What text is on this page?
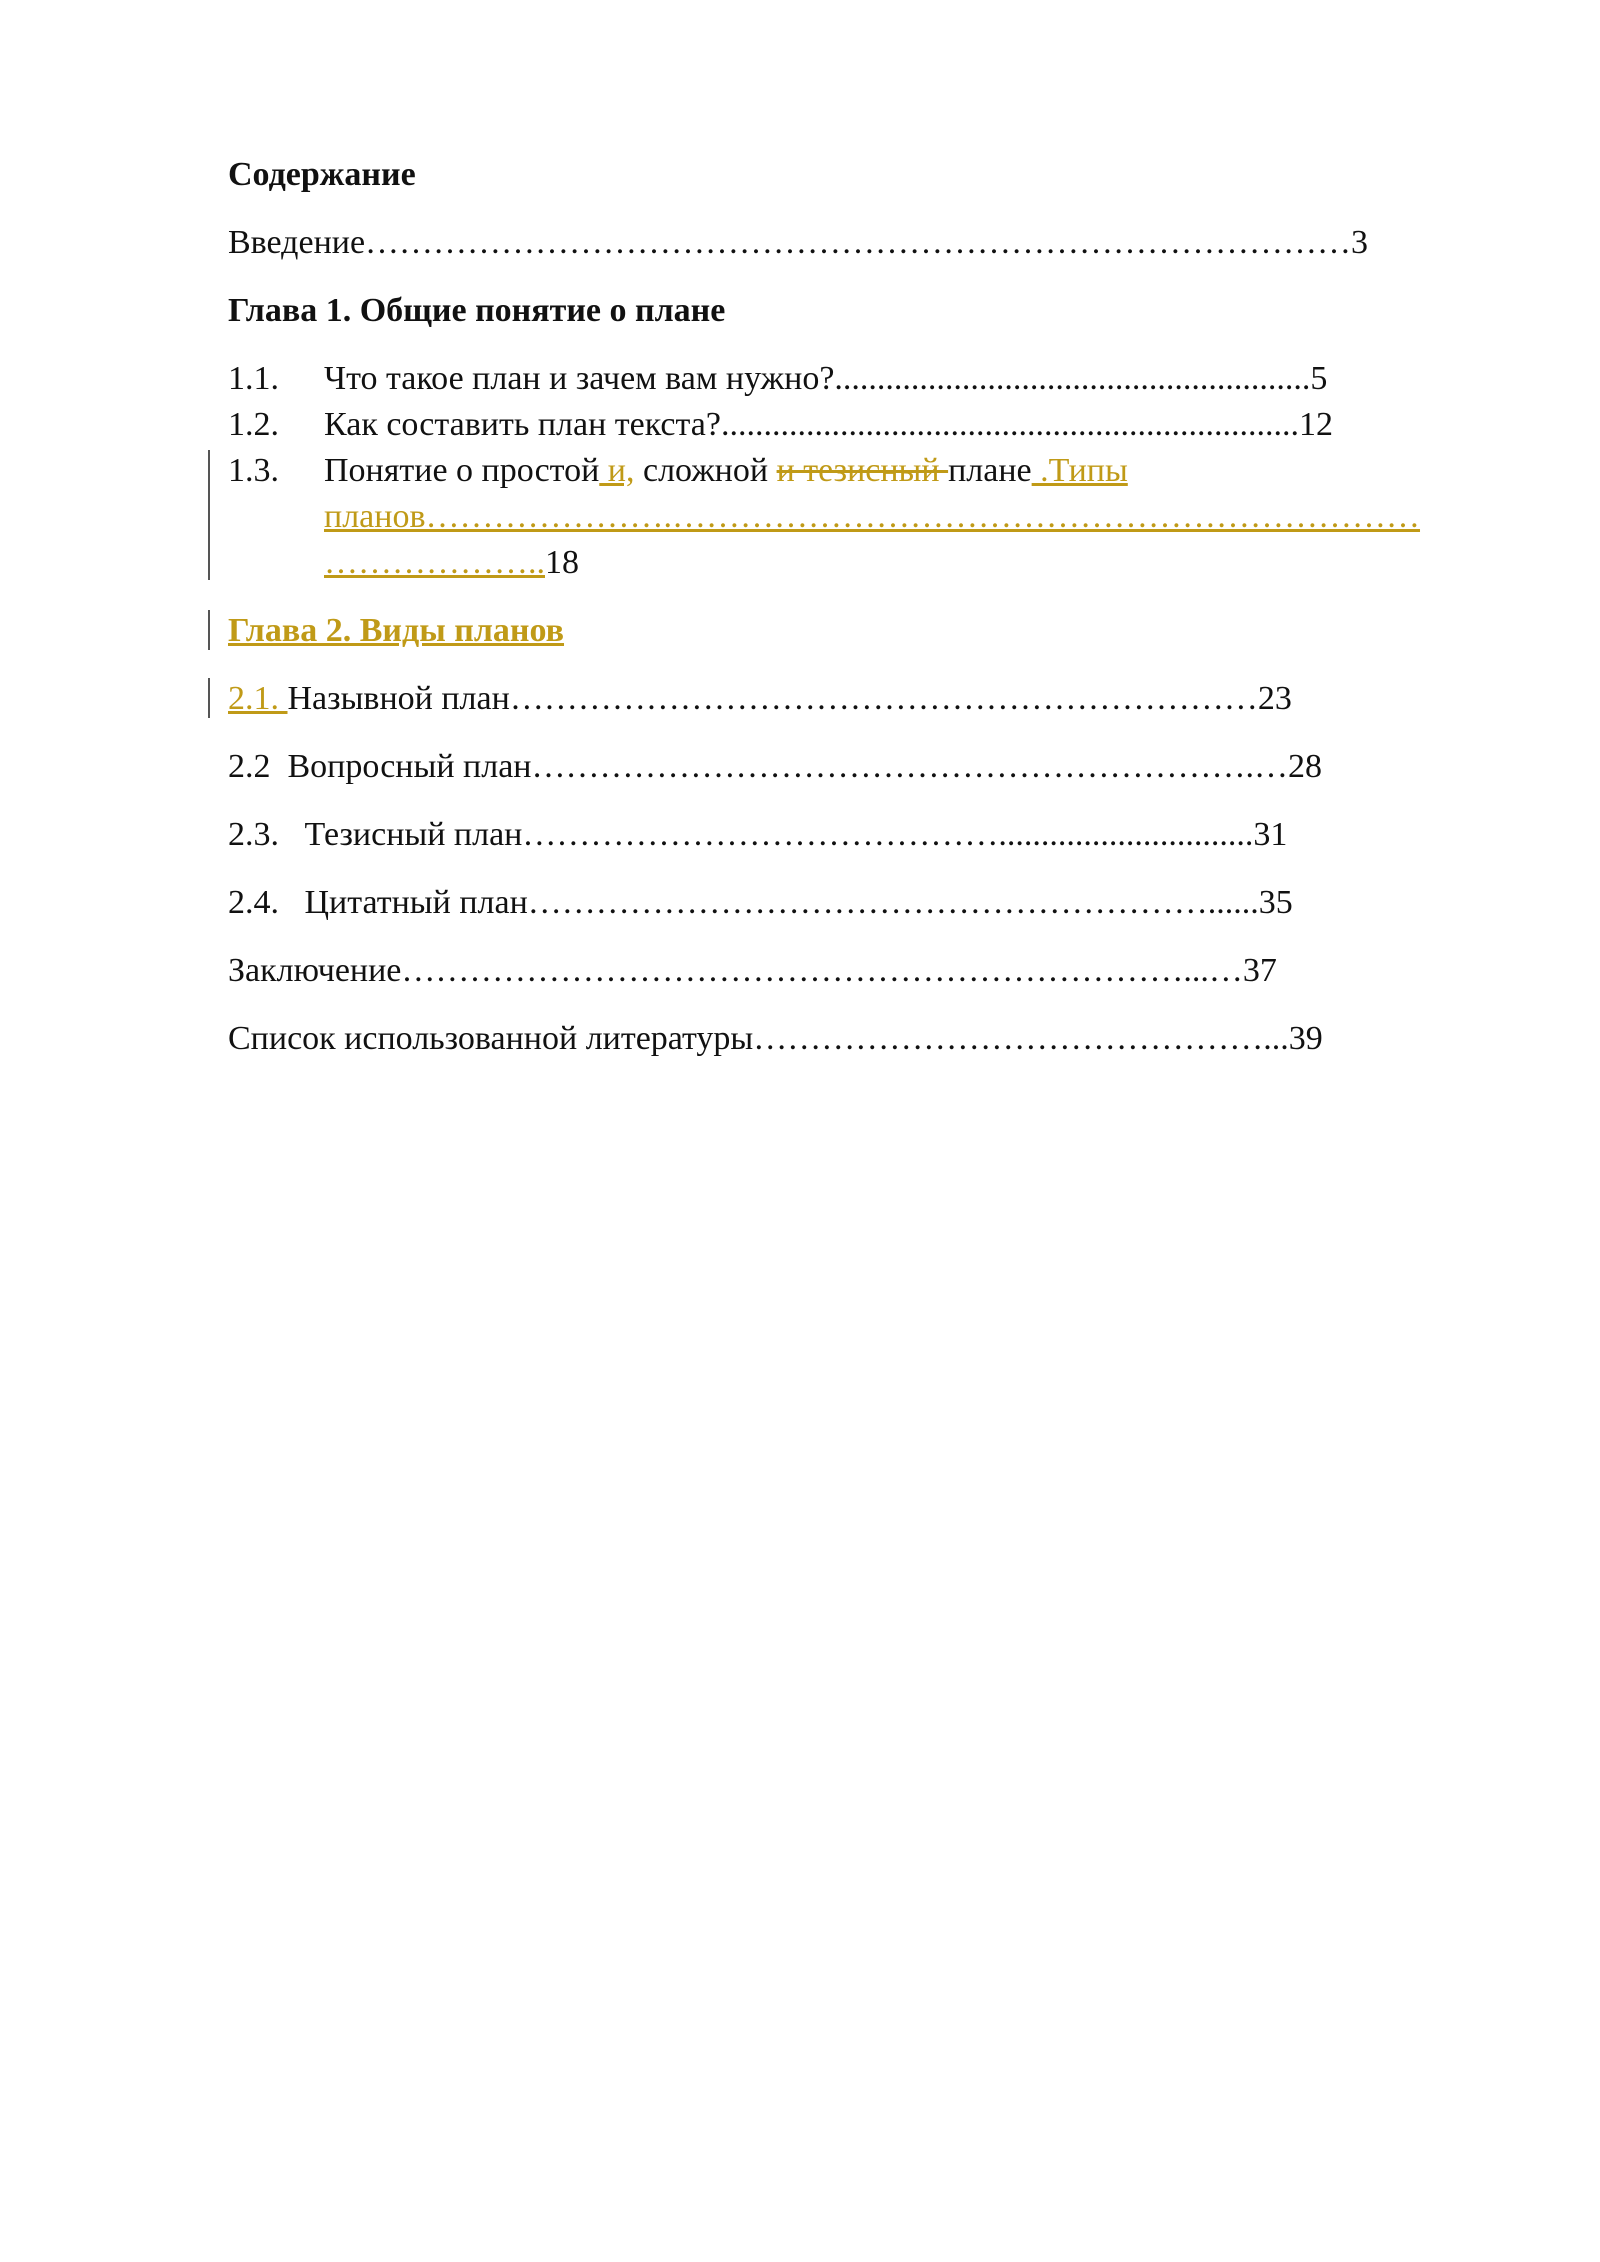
Содержание
Введение……………………………………………………………………………3
Глава 1. Общие понятие о плане
1.1. Что такое план и зачем вам нужно?........................................................5
1.2. Как составить план текста?....................................................................12
1.3. Понятие о простой и, сложной и тезисный плане .Типы
планов………………….…………………………………………………………
………………..18
Глава 2. Виды планов
2.1. Назывной план…………………………………………………………23
2.2  Вопросный план……………………………………………………….…28
2.3.   Тезисный план……………………………………..............................31
2.4.   Цитатный план……………………………………………………......35
Заключение……………………………………………………………...…37
Список использованной литературы………………………………………...39
